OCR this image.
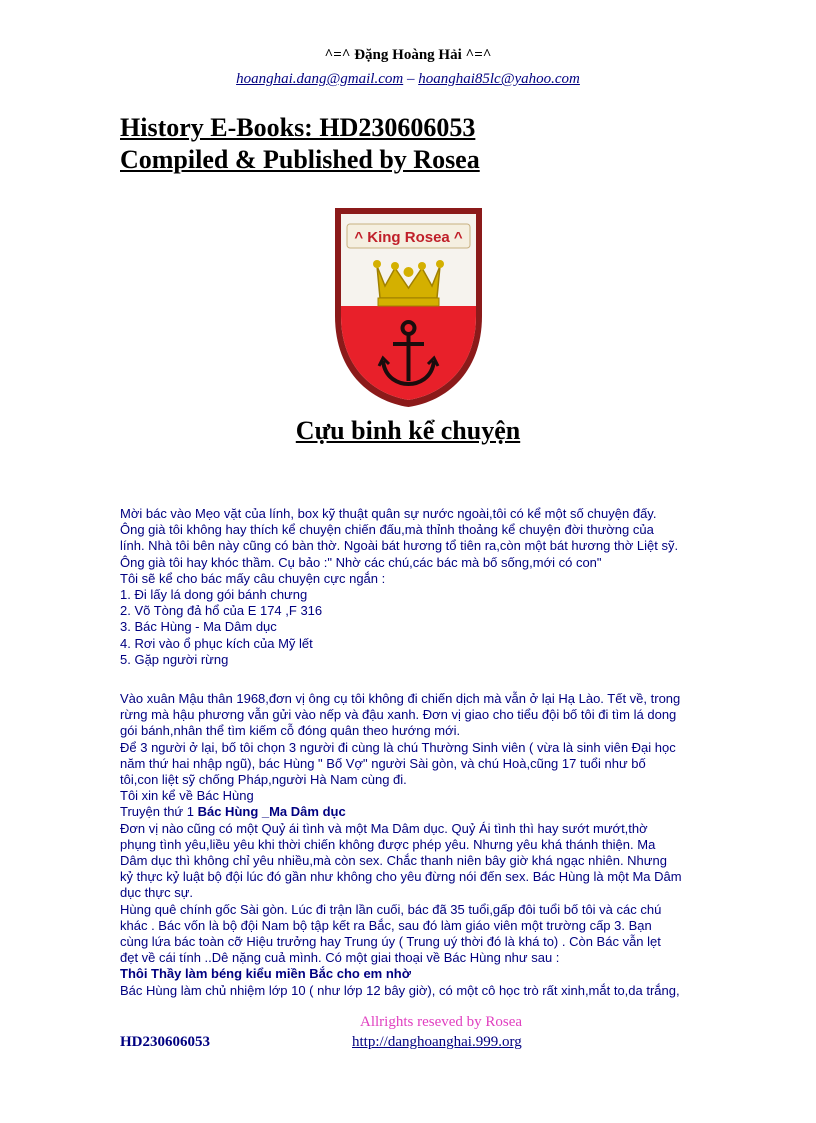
^=^ Đặng Hoàng Hải ^=^
hoanghai.dang@gmail.com – hoanghai85lc@yahoo.com
History E-Books: HD230606053
Compiled & Published by Rosea
^ King Rosea ^
Cựu binh kể chuyện

Mời bác vào Mẹo vặt của lính, box kỹ thuật quân sự nước ngoài,tôi có kể một số chuyện đấy.

Ông già tôi không hay thích kể chuyện chiến đấu,mà thỉnh thoảng kể chuyện đời thường của

lính. Nhà tôi bên này cũng có bàn thờ. Ngoài bát hương tổ tiên ra,còn một bát hương thờ Liệt sỹ.

Ông già tôi hay khóc thầm. Cụ bảo :" Nhờ các chú,các bác mà bố sống,mới có con"

Tôi sẽ kể cho bác mấy câu chuyện cực ngắn :

1. Đi lấy lá dong gói bánh chưng

2. Võ Tòng đả hổ của E 174 ,F 316

3. Bác Hùng - Ma Dâm dục

4. Rơi vào ổ phục kích của Mỹ lết

5. Gặp người rừng

Vào xuân Mậu thân 1968,đơn vị ông cụ tôi không đi chiến dịch mà vẫn ở lại Hạ Lào. Tết về, trong

rừng mà hậu phương vẫn gửi vào nếp và đậu xanh. Đơn vị giao cho tiểu đội bố tôi đi tìm lá dong

gói bánh,nhân thể tìm kiếm cỗ đóng quân theo hướng mới.

Để 3 người ở lại, bố tôi chọn 3 người đi cùng là chú Thường Sinh viên ( vừa là sinh viên Đại học

năm thứ hai nhập ngũ), bác Hùng " Bố Vợ" người Sài gòn, và chú Hoà,cũng 17 tuổi như bố

tôi,con liệt sỹ chống Pháp,người Hà Nam cùng đi.

Tôi xin kể về Bác Hùng

Truyện thứ 1 Bác Hùng _Ma Dâm dục

Đơn vị nào cũng có một Quỷ ái tình và một Ma Dâm dục. Quỷ Ái tình thì hay sướt mướt,thờ

phụng tình yêu,liều yêu khi thời chiến không được phép yêu. Nhưng yêu khá thánh thiện. Ma

Dâm dục thì không chỉ yêu nhiều,mà còn sex. Chắc thanh niên bây giờ khá ngạc nhiên. Nhưng

kỷ thực kỷ luật bộ đội lúc đó gần như không cho yêu đừng nói đến sex. Bác Hùng là một Ma Dâm

dục thực sự.

Hùng quê chính gốc Sài gòn. Lúc đi trận lần cuối, bác đã 35 tuổi,gấp đôi tuổi bố tôi và các chú

khác . Bác vốn là bộ đội Nam bộ tập kết ra Bắc, sau đó làm giáo viên một trường cấp 3. Bạn

cùng lứa bác toàn cỡ Hiệu trưởng hay Trung úy ( Trung uý thời đó là khá to) . Còn Bác vẫn lẹt

đẹt về cái tính ..Dê nặng cuả mình. Có một giai thoại về Bác Hùng như sau :

Thôi Thầy làm béng kiểu miền Bắc cho em nhờ

Bác Hùng làm chủ nhiệm lớp 10 ( như lớp 12 bây giờ), có một cô học trò rất xinh,mắt to,da trắng,

Allrights reseved by Rosea
HD230606053	http://danghoanghai.999.org
